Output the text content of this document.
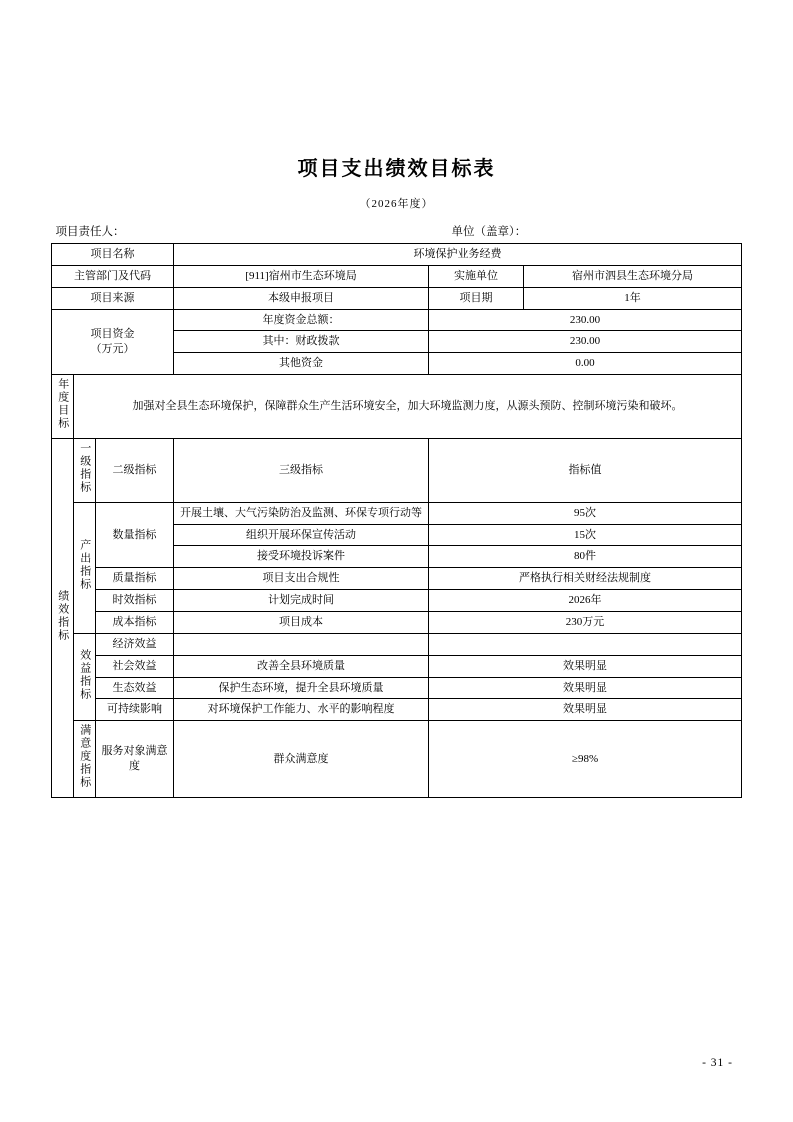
项目支出绩效目标表
（2026年度）
项目责任人：	单位（盖章）：
项目名称			环境保护业务经费		
主管部门及代码			[911]宿州市生态环境局	实施单位	宿州市泗县生态环境分局
项目来源			本级申报项目	项目期	1年

项目资金
（万元）			年度资金总额：	230.00	
			其中：财政拨款	230.00	
			其他资金	0.00	
年度目标	加强对全县生态环境保护，保障群众生产生活环境安全，加大环境监测力度，从源头预防、控制环境污染和破坏。				
绩效指标	一级指标	二级指标	三级指标	指标值	
	产出指标	数量指标	开展土壤、大气污染防治及监测、环保专项行动等	95次	
			组织开展环保宣传活动	15次	
			接受环境投诉案件	80件	
		质量指标	项目支出合规性	严格执行相关财经法规制度	
		时效指标	计划完成时间	2026年	
		成本指标	项目成本	230万元	
	效益指标	经济效益			
		社会效益	改善全县环境质量	效果明显	
		生态效益	保护生态环境，提升全县环境质量	效果明显	
		可持续影响	对环境保护工作能力、水平的影响程度	效果明显	
	满意度指标	服务对象满意度	群众满意度	≥98%	
- 31 -
